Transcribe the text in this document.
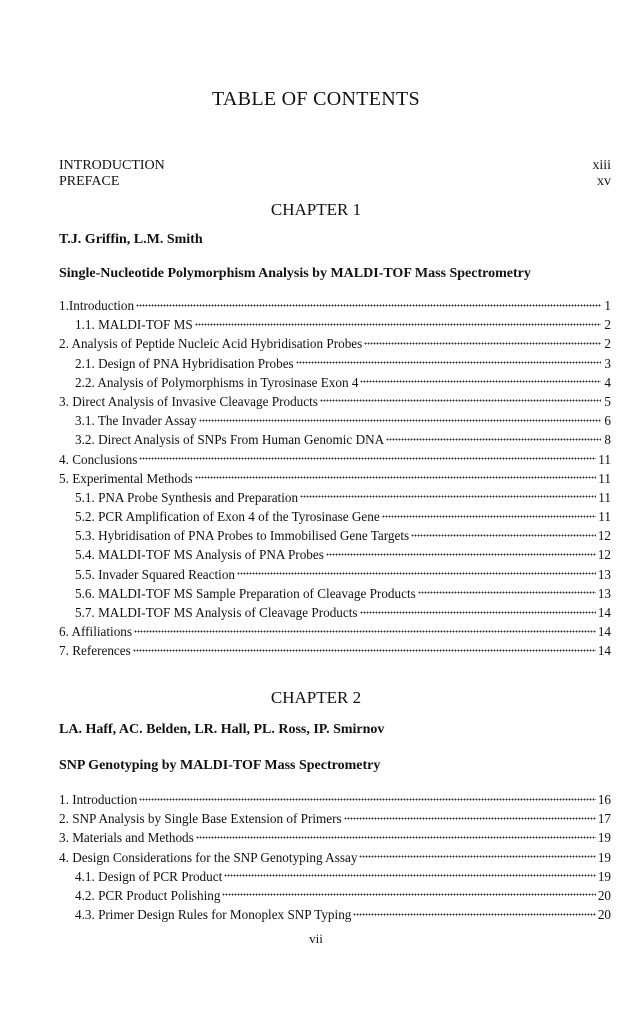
TABLE OF CONTENTS
INTRODUCTION	xiii
PREFACE	xv
CHAPTER 1
T.J. Griffin, L.M. Smith
Single-Nucleotide Polymorphism Analysis by MALDI-TOF Mass Spectrometry
1.Introduction	1
1.1. MALDI-TOF MS	2
2. Analysis of Peptide Nucleic Acid Hybridisation Probes	2
2.1. Design of PNA Hybridisation Probes	3
2.2. Analysis of Polymorphisms in Tyrosinase Exon 4	4
3. Direct Analysis of Invasive Cleavage Products	5
3.1. The Invader Assay	6
3.2. Direct Analysis of SNPs From Human Genomic DNA	8
4. Conclusions	11
5. Experimental Methods	11
5.1. PNA Probe Synthesis and Preparation	11
5.2. PCR Amplification of Exon 4 of the Tyrosinase Gene	11
5.3. Hybridisation of PNA Probes to Immobilised Gene Targets	12
5.4. MALDI-TOF MS Analysis of PNA Probes	12
5.5. Invader Squared Reaction	13
5.6. MALDI-TOF MS Sample Preparation of Cleavage Products	13
5.7. MALDI-TOF MS Analysis of Cleavage Products	14
6. Affiliations	14
7. References	14
CHAPTER 2
LA. Haff, AC. Belden, LR. Hall, PL. Ross, IP. Smirnov
SNP Genotyping by MALDI-TOF Mass Spectrometry
1. Introduction	16
2. SNP Analysis by Single Base Extension of Primers	17
3. Materials and Methods	19
4. Design Considerations for the SNP Genotyping Assay	19
4.1. Design of PCR Product	19
4.2. PCR Product Polishing	20
4.3. Primer Design Rules for Monoplex SNP Typing	20
vii
